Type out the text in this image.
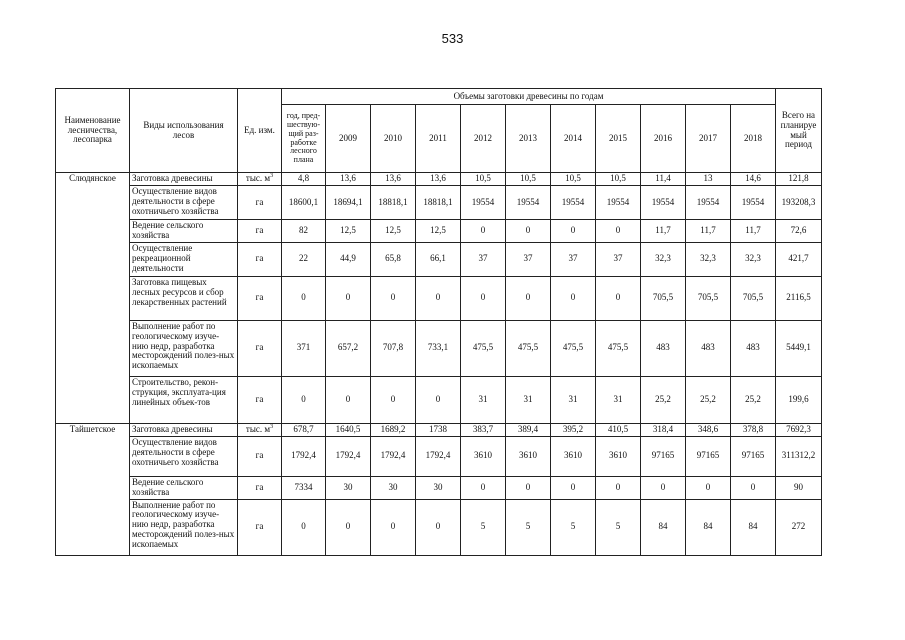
533
Наименование лесничества, лесопарка	Виды использования лесов	Ед. изм.	Объемы заготовки древесины по годам											Всего на планируе мый период
			год, пред-шествую-щий раз-работке лесного плана	2009	2010	2011	2012	2013	2014	2015	2016	2017	2018	
Слюдянское	Заготовка древесины	тыс. $м^3$	4,8	13,6	13,6	13,6	10,5	10,5	10,5	10,5	11,4	13	14,6	121,8
	Осуществление видов деятельности в сфере охотничьего хозяйства	га	18600,1	18694,1	18818,1	18818,1	19554	19554	19554	19554	19554	19554	19554	193208,3
	Ведение сельского хозяйства	га	82	12,5	12,5	12,5	0	0	0	0	11,7	11,7	11,7	72,6
	Осуществление рекреационной деятельности	га	22	44,9	65,8	66,1	37	37	37	37	32,3	32,3	32,3	421,7
	Заготовка пищевых лесных ресурсов и сбор лекарственных растений	га	0	0	0	0	0	0	0	0	705,5	705,5	705,5	2116,5
	Выполнение работ по геологическому изуче-нию недр, разработка месторождений полез-ных ископаемых	га	371	657,2	707,8	733,1	475,5	475,5	475,5	475,5	483	483	483	5449,1
	Строительство, рекон-струкция, эксплуата-ция линейных объек-тов	га	0	0	0	0	31	31	31	31	25,2	25,2	25,2	199,6
Тайшетское	Заготовка древесины	тыс. $м^3$	678,7	1640,5	1689,2	1738	383,7	389,4	395,2	410,5	318,4	348,6	378,8	7692,3
	Осуществление видов деятельности в сфере охотничьего хозяйства	га	1792,4	1792,4	1792,4	1792,4	3610	3610	3610	3610	97165	97165	97165	311312,2
	Ведение сельского хозяйства	га	7334	30	30	30	0	0	0	0	0	0	0	90
	Выполнение работ по геологическому изуче-нию недр, разработка месторождений полез-ных ископаемых	га	0	0	0	0	5	5	5	5	84	84	84	272
